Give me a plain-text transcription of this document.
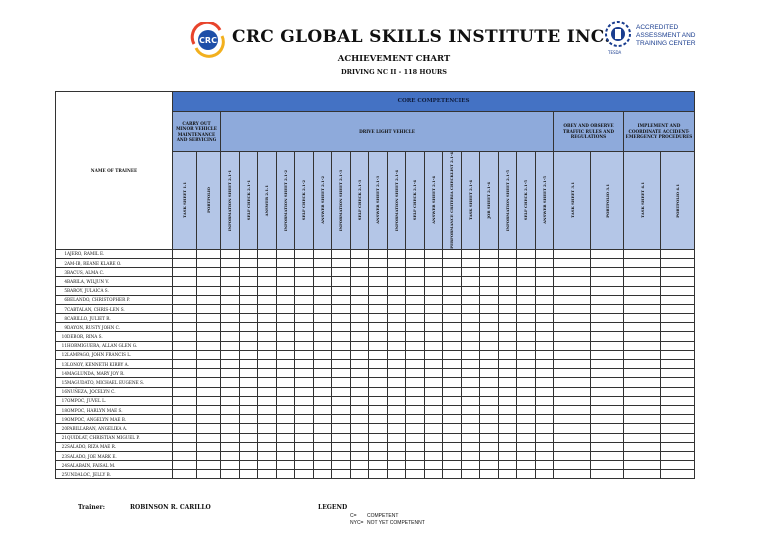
CRC CRC GLOBAL SKILLS INSTITUTE INC.
TESDA
ACCREDITED
ASSESSMENT AND
TRAINING CENTER
ACHIEVEMENT CHART
DRIVING NC II - 118 HOURS
NAME OF TRAINEE	CORE COMPETENCIES																							
	CARRY OUT MINOR VEHICLE MAINTENANCE AND SERVICING		DRIVE LIGHT VEHICLE																		OBEY AND OBSERVE TRAFFIC RULES AND REGULATIONS		IMPLEMENT AND COORDINATE ACCIDENT-EMERGENCY PROCEDURES	

	TASK SHEET 1.1	PORTFOLIO	INFORMATION SHEET 2.1-1	SELF CHECK 2.1-1	ANSWER 2.1.1	INFORMATION SHEET 2.1-2	SELF CHECK 2.1-2	ANSWER SHEET 2.1-2	INFORMATION SHEET 2.1-3	SELF CHECK 2.1-3	ANSWER SHEET 2.1-3	INFORMATION SHEET 2.1-4	SELF CHECK 2.1-4	ANSWER SHEET 2.1-4	PERFORMANCE CRITERIA CHECKLIST 2.1-4	TASK SHEET 2.1-4	JOB SHEET 2.1-4	INFORMATION SHEET 2.1-5	SELF CHECK 2.1-5	ANSWER SHEET 2.1-5	TASK SHEET 3.1	PORTFOLIO 3.1	TASK SHEET 4.1	PORTFOLIO 4.1

1AJERO, RAMIL E.																								
2AM-IB, REANE KLARE O.																								
3BACUS, ALMA C.																								
4BARILA, WILJUN V.																								
5BAROY, JULAICA S.																								
6BELANDO, CHRISTOPHER P.																								
7CABTALAN, CHRIS-LEN S.																								
8CARILLO, JULIET R.																								
9DAYON, RUSTY JOHN C.																								
10DEBOR, RINA S.																								
11HORMIGUERA, ALLAN GLEN G.																								
12LAMPAGO, JOHN FRANCIS L.																								
13LONOY, KENNETH KIRBY A.																								
14MAGLUNDA, MARY JOY R.																								
15MAGUDATO, MICHAEL EUGENE S.																								
16NUÑEZA, JOCELYN C.																								
17OMPOC, JUVEL L.																								
18OMPOC, HARLYN MAE S.																								
19OMPOC, ANGELYN MAE B.																								
20PABILLARAN, ANGELIKA A.																								
21QUIDLAT, CHRISTIAN MIGUEL P.																								
22SALADO, RIZA MAE R.																								
23SALADO, JOE MARK E.																								
24SALABAIN, FAISAL M.																								
25UNDALOC, JELLY B.																								
Trainer:	ROBINSON R. CARILLO	LEGEND
C= COMPETENT
NYC= NOT YET COMPETENNT
